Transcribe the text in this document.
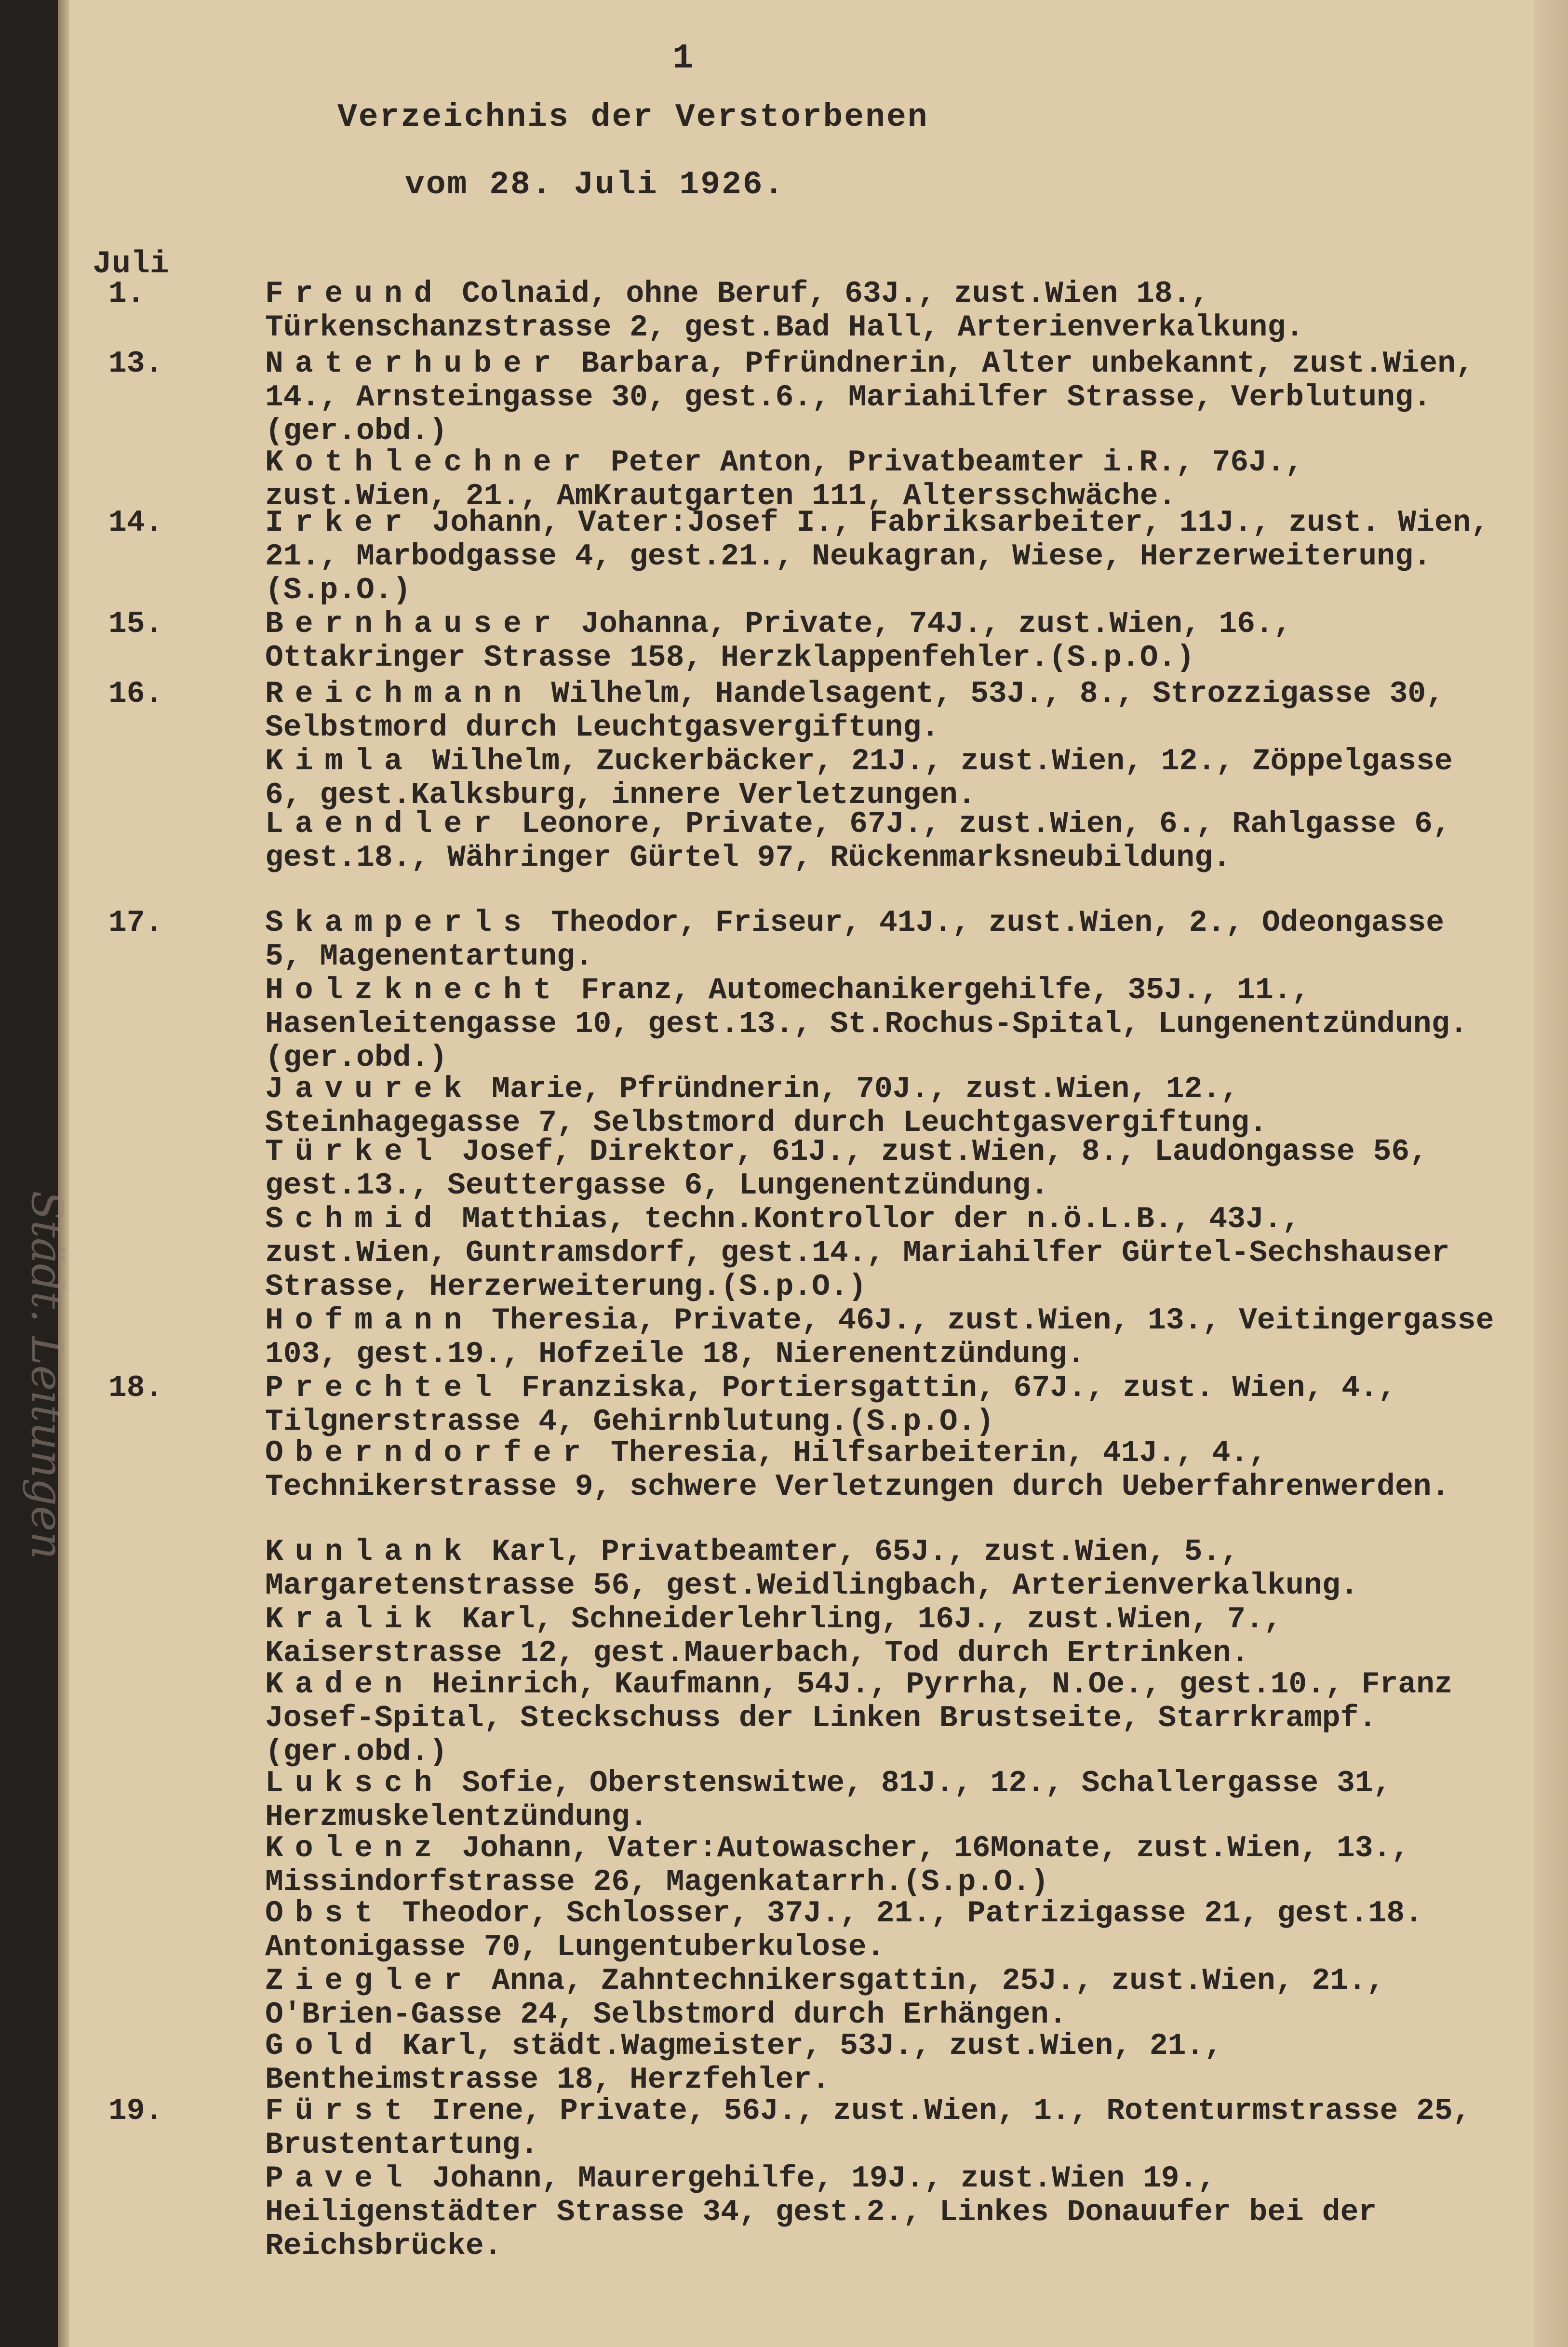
1
Verzeichnis der Verstorbenen
vom 28. Juli 1926.
Juli
Städt. Leitungen
1.	Freund Colnaid, ohne Beruf, 63J., zust.Wien 18., Türkenschanzstrasse 2, gest.Bad Hall, Arterienverkalkung.
13.	Naterhuber Barbara, Pfründnerin, Alter unbekannt, zust.Wien, 14., Arnsteingasse 30, gest.6., Mariahilfer Strasse, Verblutung.(ger.obd.)
Kothlechner Peter Anton, Privatbeamter i.R., 76J., zust.Wien, 21., AmKrautgarten 111, Altersschwäche.
14.	Irker Johann, Vater:Josef I., Fabriksarbeiter, 11J., zust. Wien, 21., Marbodgasse 4, gest.21., Neukagran, Wiese, Herzerweiterung.(S.p.O.)
15.	Bernhauser Johanna, Private, 74J., zust.Wien, 16., Ottakringer Strasse 158, Herzklappenfehler.(S.p.O.)
16.	Reichmann Wilhelm, Handelsagent, 53J., 8., Strozzigasse 30, Selbstmord durch Leuchtgasvergiftung.
Kimla Wilhelm, Zuckerbäcker, 21J., zust.Wien, 12., Zöppelgasse 6, gest.Kalksburg, innere Verletzungen.
Laendler Leonore, Private, 67J., zust.Wien, 6., Rahlgasse 6, gest.18., Währinger Gürtel 97, Rückenmarksneubildung.
17.	Skamperls Theodor, Friseur, 41J., zust.Wien, 2., Odeongasse 5, Magenentartung.
Holzknecht Franz, Automechanikergehilfe, 35J., 11., Hasenleitengasse 10, gest.13., St.Rochus-Spital, Lungenentzündung.(ger.obd.)
Javurek Marie, Pfründnerin, 70J., zust.Wien, 12., Steinhagegasse 7, Selbstmord durch Leuchtgasvergiftung.
Türkel Josef, Direktor, 61J., zust.Wien, 8., Laudongasse 56, gest.13., Seuttergasse 6, Lungenentzündung.
Schmid Matthias, techn.Kontrollor der n.ö.L.B., 43J., zust.Wien, Guntramsdorf, gest.14., Mariahilfer Gürtel-Sechshauser Strasse, Herzerweiterung.(S.p.O.)
Hofmann Theresia, Private, 46J., zust.Wien, 13., Veitingergasse 103, gest.19., Hofzeile 18, Nierenentzündung.
18.	Prechtel Franziska, Portiersgattin, 67J., zust. Wien, 4., Tilgnerstrasse 4, Gehirnblutung.(S.p.O.)
Oberndorfer Theresia, Hilfsarbeiterin, 41J., 4., Technikerstrasse 9, schwere Verletzungen durch Ueberfahrenwerden.
Kunlank Karl, Privatbeamter, 65J., zust.Wien, 5., Margaretenstrasse 56, gest.Weidlingbach, Arterienverkalkung.
Kralik Karl, Schneiderlehrling, 16J., zust.Wien, 7., Kaiserstrasse 12, gest.Mauerbach, Tod durch Ertrinken.
Kaden Heinrich, Kaufmann, 54J., Pyrrha, N.Oe., gest.10., Franz Josef-Spital, Steckschuss der Linken Brustseite, Starrkrampf.(ger.obd.)
Luksch Sofie, Oberstenswitwe, 81J., 12., Schallergasse 31, Herzmuskelentzündung.
Kolenz Johann, Vater:Autowascher, 16Monate, zust.Wien, 13., Missindorfstrasse 26, Magenkatarrh.(S.p.O.)
Obst Theodor, Schlosser, 37J., 21., Patrizigasse 21, gest.18. Antonigasse 70, Lungentuberkulose.
Ziegler Anna, Zahntechnikersgattin, 25J., zust.Wien, 21., O'Brien-Gasse 24, Selbstmord durch Erhängen.
Gold Karl, städt.Wagmeister, 53J., zust.Wien, 21., Bentheimstrasse 18, Herzfehler.
19.	Fürst Irene, Private, 56J., zust.Wien, 1., Rotenturmstrasse 25, Brustentartung.
Pavel Johann, Maurergehilfe, 19J., zust.Wien 19., Heiligenstädter Strasse 34, gest.2., Linkes Donauufer bei der Reichsbrücke.
